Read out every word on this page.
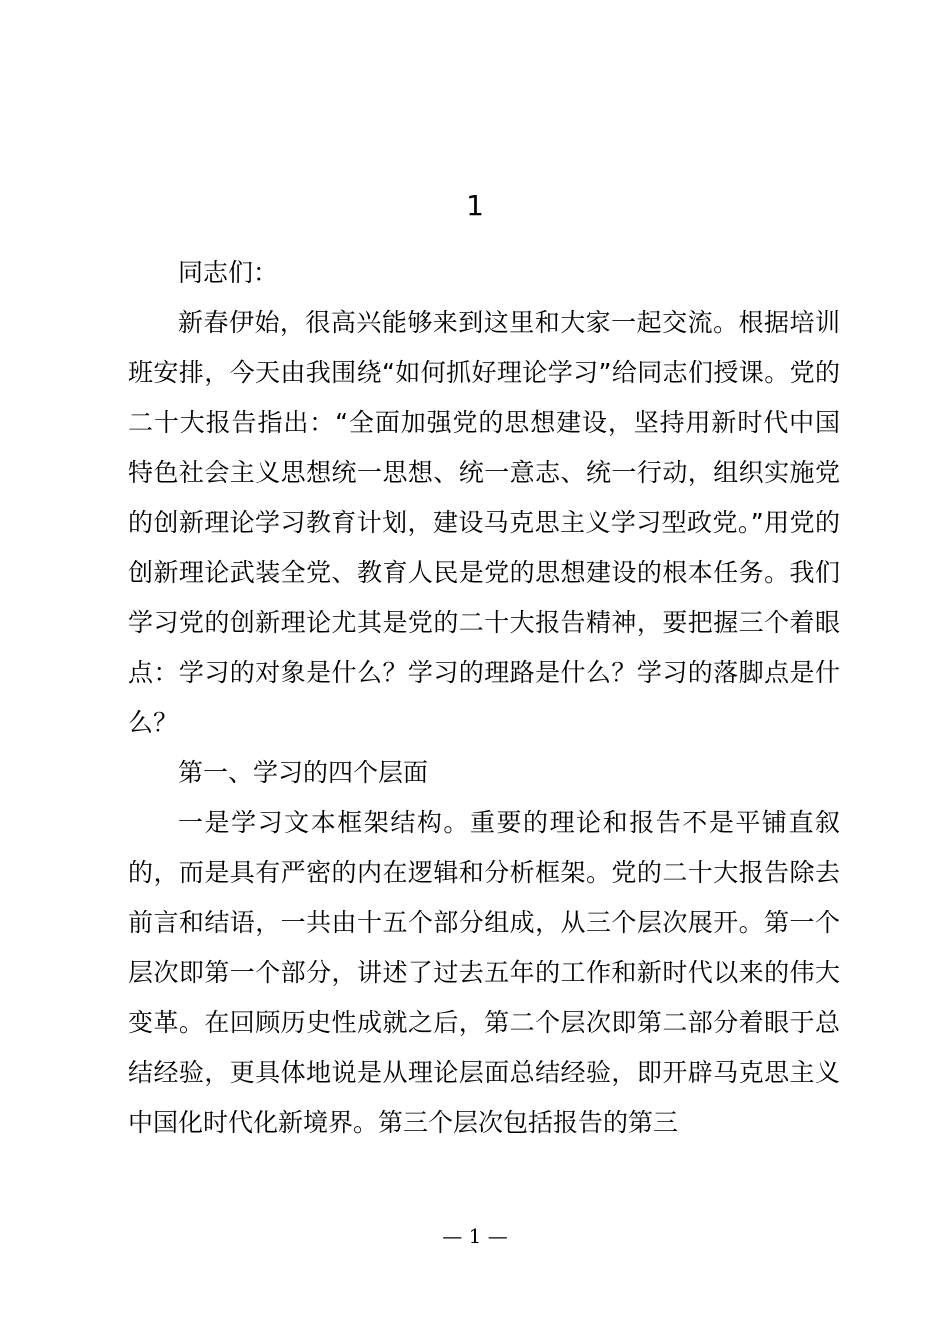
1

同志们：

新春伊始，很高兴能够来到这里和大家一起交流。根据培训班安排，今天由我围绕“如何抓好理论学习”给同志们授课。党的二十大报告指出：“全面加强党的思想建设，坚持用新时代中国特色社会主义思想统一思想、统一意志、统一行动，组织实施党的创新理论学习教育计划，建设马克思主义学习型政党。”用党的创新理论武装全党、教育人民是党的思想建设的根本任务。我们学习党的创新理论尤其是党的二十大报告精神，要把握三个着眼点：学习的对象是什么？学习的理路是什么？学习的落脚点是什么？

第一、学习的四个层面

一是学习文本框架结构。重要的理论和报告不是平铺直叙的，而是具有严密的内在逻辑和分析框架。党的二十大报告除去前言和结语，一共由十五个部分组成，从三个层次展开。第一个层次即第一个部分，讲述了过去五年的工作和新时代以来的伟大变革。在回顾历史性成就之后，第二个层次即第二部分着眼于总结经验，更具体地说是从理论层面总结经验，即开辟马克思主义中国化时代化新境界。第三个层次包括报告的第三

— 1 —
